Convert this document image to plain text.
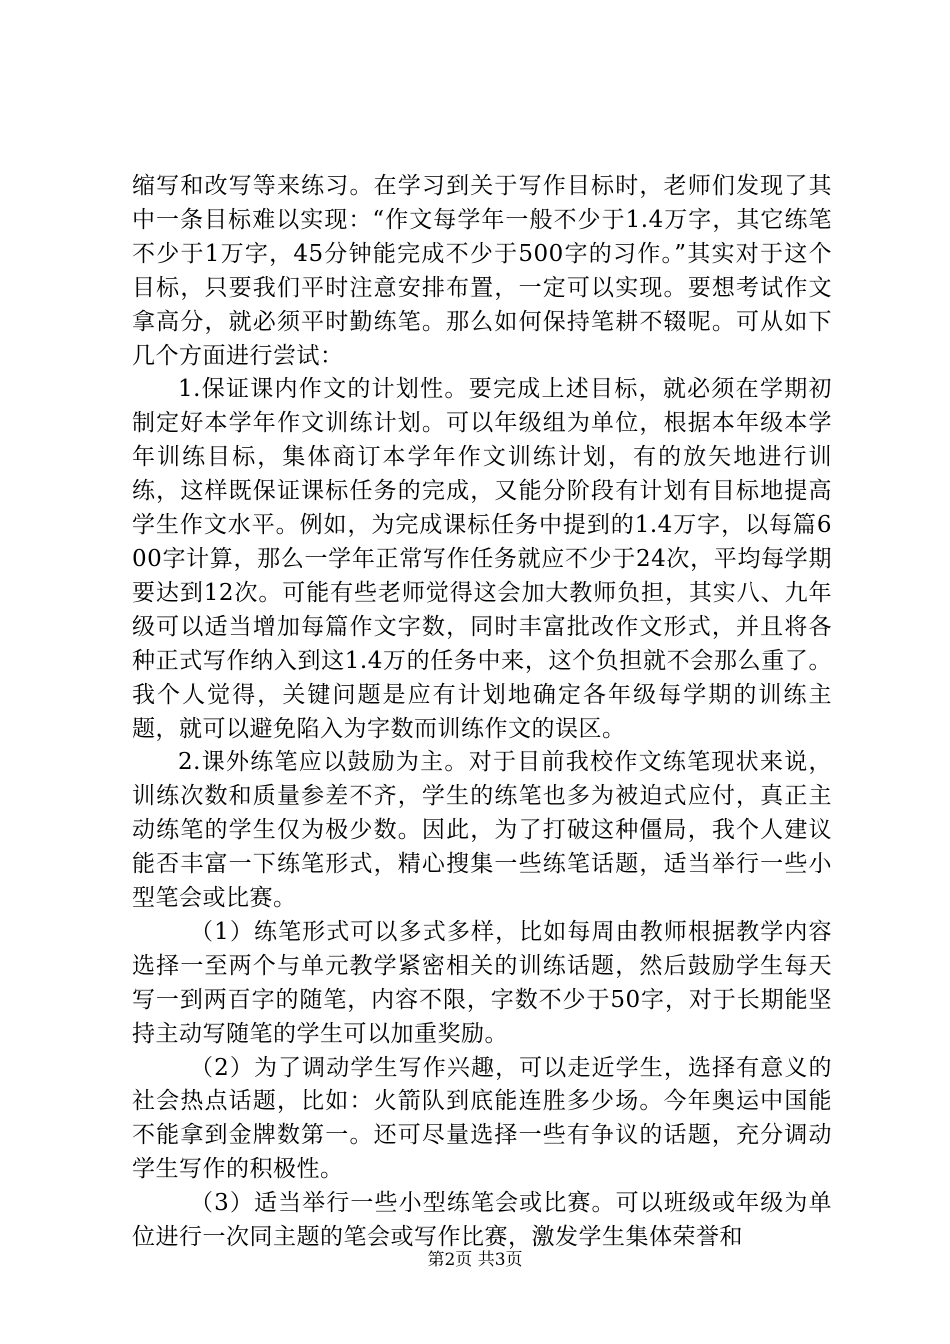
缩写和改写等来练习。在学习到关于写作目标时，老师们发现了其中一条目标难以实现：“作文每学年一般不少于1.4万字，其它练笔不少于1万字，45分钟能完成不少于500字的习作。”其实对于这个目标，只要我们平时注意安排布置，一定可以实现。要想考试作文拿高分，就必须平时勤练笔。那么如何保持笔耕不辍呢。可从如下几个方面进行尝试：

1.保证课内作文的计划性。要完成上述目标，就必须在学期初制定好本学年作文训练计划。可以年级组为单位，根据本年级本学年训练目标，集体商订本学年作文训练计划，有的放矢地进行训练，这样既保证课标任务的完成，又能分阶段有计划有目标地提高学生作文水平。例如，为完成课标任务中提到的1.4万字，以每篇600字计算，那么一学年正常写作任务就应不少于24次，平均每学期要达到12次。可能有些老师觉得这会加大教师负担，其实八、九年级可以适当增加每篇作文字数，同时丰富批改作文形式，并且将各种正式写作纳入到这1.4万的任务中来，这个负担就不会那么重了。我个人觉得，关键问题是应有计划地确定各年级每学期的训练主题，就可以避免陷入为字数而训练作文的误区。

2.课外练笔应以鼓励为主。对于目前我校作文练笔现状来说，训练次数和质量参差不齐，学生的练笔也多为被迫式应付，真正主动练笔的学生仅为极少数。因此，为了打破这种僵局，我个人建议能否丰富一下练笔形式，精心搜集一些练笔话题，适当举行一些小型笔会或比赛。

（1）练笔形式可以多式多样，比如每周由教师根据教学内容选择一至两个与单元教学紧密相关的训练话题，然后鼓励学生每天写一到两百字的随笔，内容不限，字数不少于50字，对于长期能坚持主动写随笔的学生可以加重奖励。

（2）为了调动学生写作兴趣，可以走近学生，选择有意义的社会热点话题，比如：火箭队到底能连胜多少场。今年奥运中国能不能拿到金牌数第一。还可尽量选择一些有争议的话题，充分调动学生写作的积极性。

（3）适当举行一些小型练笔会或比赛。可以班级或年级为单位进行一次同主题的笔会或写作比赛，激发学生集体荣誉和

第2页 共3页
